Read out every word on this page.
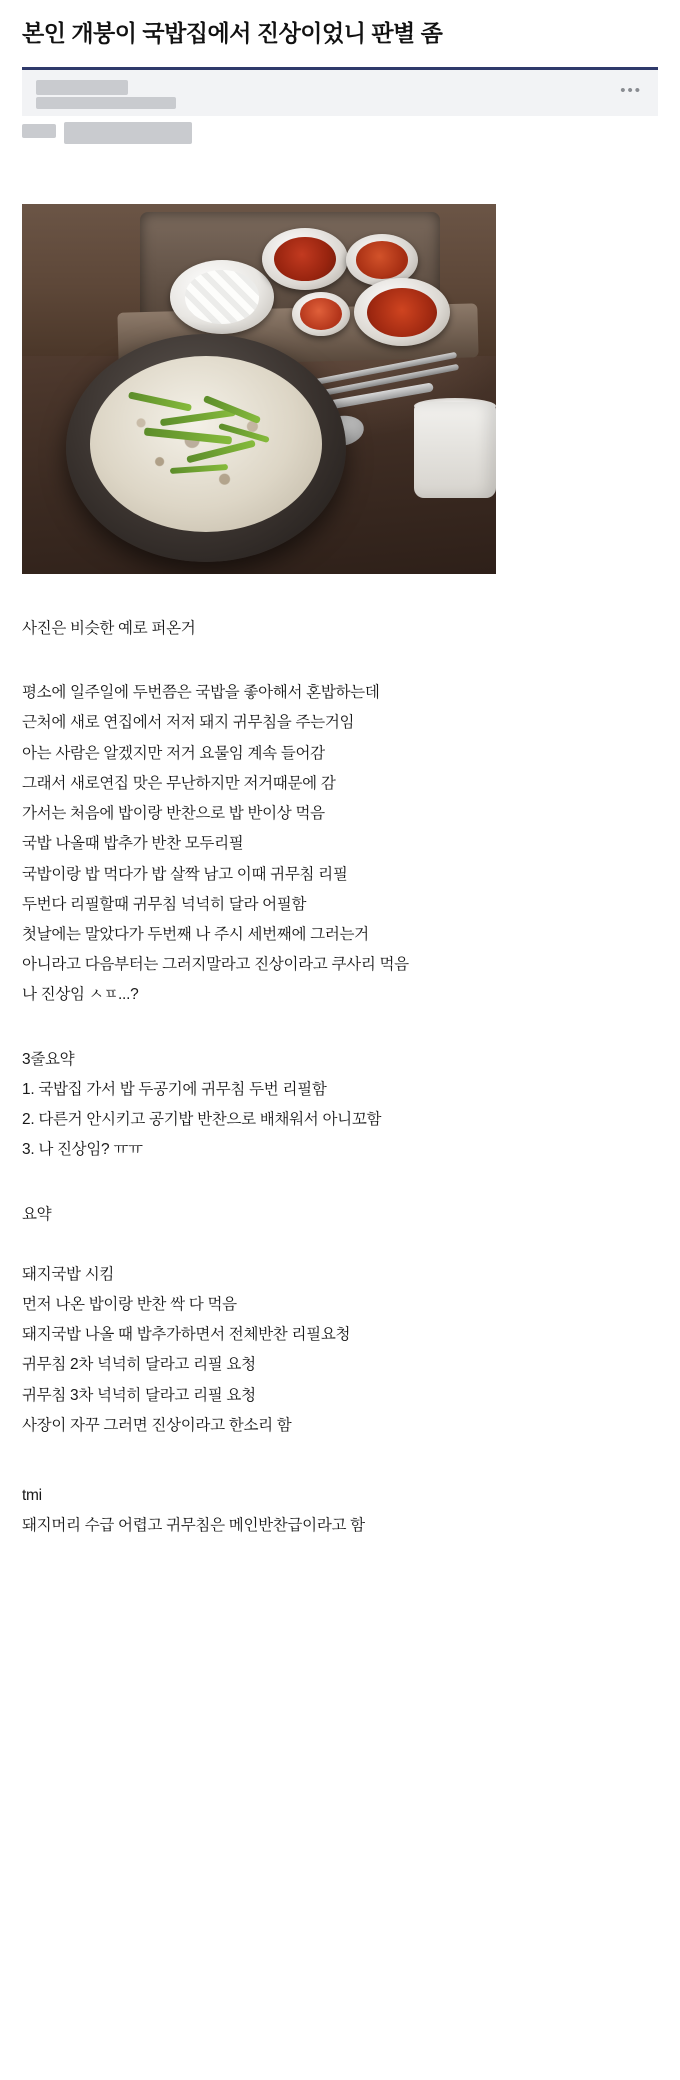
본인 개붕이 국밥집에서 진상이었니 판별 좀
•••
사진은 비슷한 예로 퍼온거

평소에 일주일에 두번쯤은 국밥을 좋아해서 혼밥하는데

근처에 새로 연집에서 저저 돼지 귀무침을 주는거임

아는 사람은 알겠지만 저거 요물임 계속 들어감

그래서 새로연집 맛은 무난하지만 저거때문에 감

가서는 처음에 밥이랑 반찬으로 밥 반이상 먹음

국밥 나올때 밥추가 반찬 모두리필

국밥이랑 밥 먹다가 밥 살짝 남고 이때 귀무침 리필

두번다 리필할때 귀무침 넉넉히 달라 어필함

첫날에는 말았다가 두번째 나 주시 세번째에 그러는거

아니라고 다음부터는 그러지말라고 진상이라고 쿠사리 먹음

나 진상임 ㅅㅍ...?

3줄요약

1. 국밥집 가서 밥 두공기에 귀무침 두번 리필함

2. 다른거 안시키고 공기밥 반찬으로 배채워서 아니꼬함

3. 나 진상임? ㅠㅠ

요약

돼지국밥 시킴

먼저 나온 밥이랑 반찬 싹 다 먹음

돼지국밥 나올 때 밥추가하면서 전체반찬 리필요청

귀무침 2차 넉넉히 달라고 리필 요청

귀무침 3차 넉넉히 달라고 리필 요청

사장이 자꾸 그러면 진상이라고 한소리 함

tmi

돼지머리 수급 어렵고 귀무침은 메인반찬급이라고 함
